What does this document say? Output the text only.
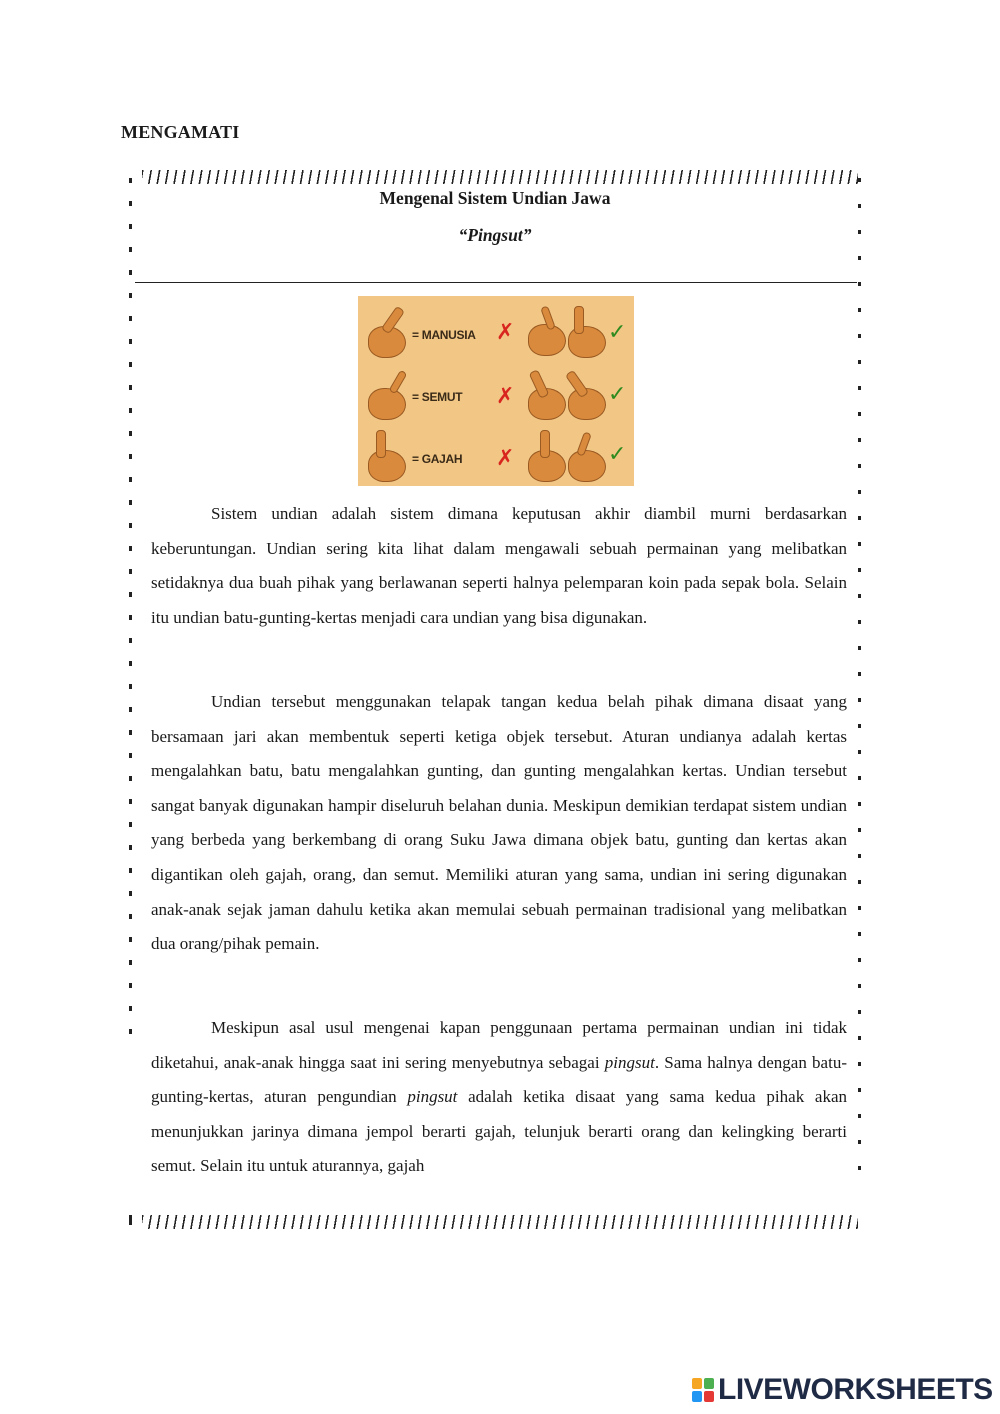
MENGAMATI
Mengenal Sistem Undian Jawa
“Pingsut”
= MANUSIA ✗	✓
= SEMUT ✗	✓
= GAJAH ✗	✓

Sistem undian adalah sistem dimana keputusan akhir diambil murni berdasarkan keberuntungan. Undian sering kita lihat dalam mengawali sebuah permainan yang melibatkan setidaknya dua buah pihak yang berlawanan seperti halnya pelemparan koin pada sepak bola. Selain itu undian batu-gunting-kertas menjadi cara undian yang bisa digunakan.

Undian tersebut menggunakan telapak tangan kedua belah pihak dimana disaat yang bersamaan jari akan membentuk seperti ketiga objek tersebut. Aturan undianya adalah kertas mengalahkan batu, batu mengalahkan gunting, dan gunting mengalahkan kertas. Undian tersebut sangat banyak digunakan hampir diseluruh belahan dunia. Meskipun demikian terdapat sistem undian yang berbeda yang berkembang di orang Suku Jawa dimana objek batu, gunting dan kertas akan digantikan oleh gajah, orang, dan semut. Memiliki aturan yang sama, undian ini sering digunakan anak-anak sejak jaman dahulu ketika akan memulai sebuah permainan tradisional yang melibatkan dua orang/pihak pemain.

Meskipun asal usul mengenai kapan penggunaan pertama permainan undian ini tidak diketahui, anak-anak hingga saat ini sering menyebutnya sebagai pingsut. Sama halnya dengan batu-gunting-kertas, aturan pengundian pingsut adalah ketika disaat yang sama kedua pihak akan menunjukkan jarinya dimana jempol berarti gajah, telunjuk berarti orang dan kelingking berarti semut. Selain itu untuk aturannya, gajah

LIVEWORKSHEETS
